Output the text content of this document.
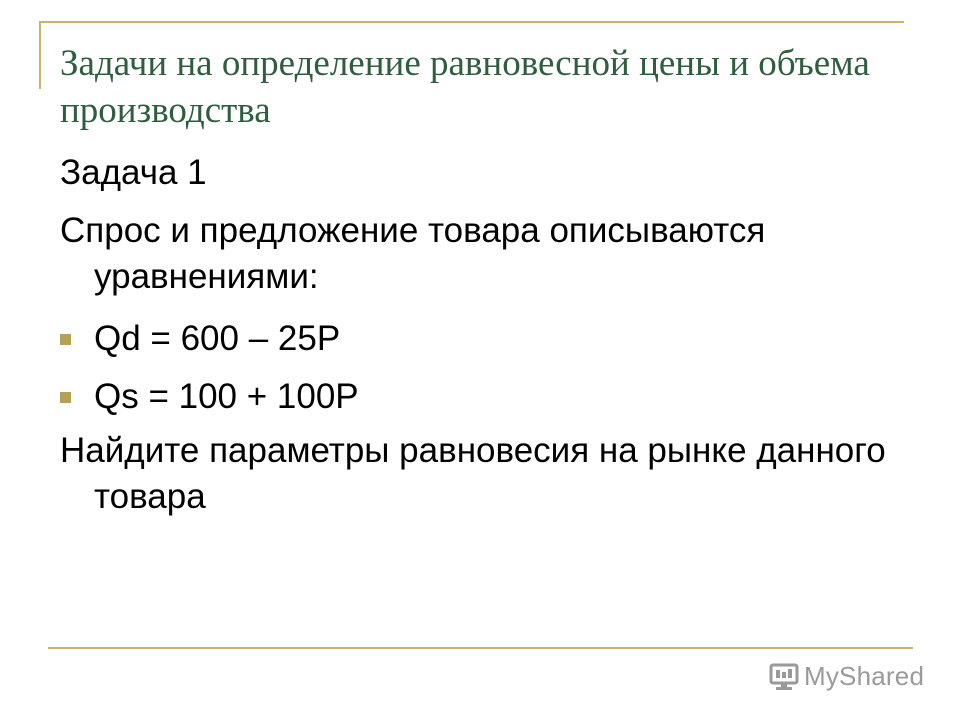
Задачи на определение равновесной цены и объема производства

Задача 1

Спрос и предложение товара описываются уравнениями:

Qd = 600 – 25P
Qs = 100 + 100P

Найдите параметры равновесия на рынке данного товара

MyShared
